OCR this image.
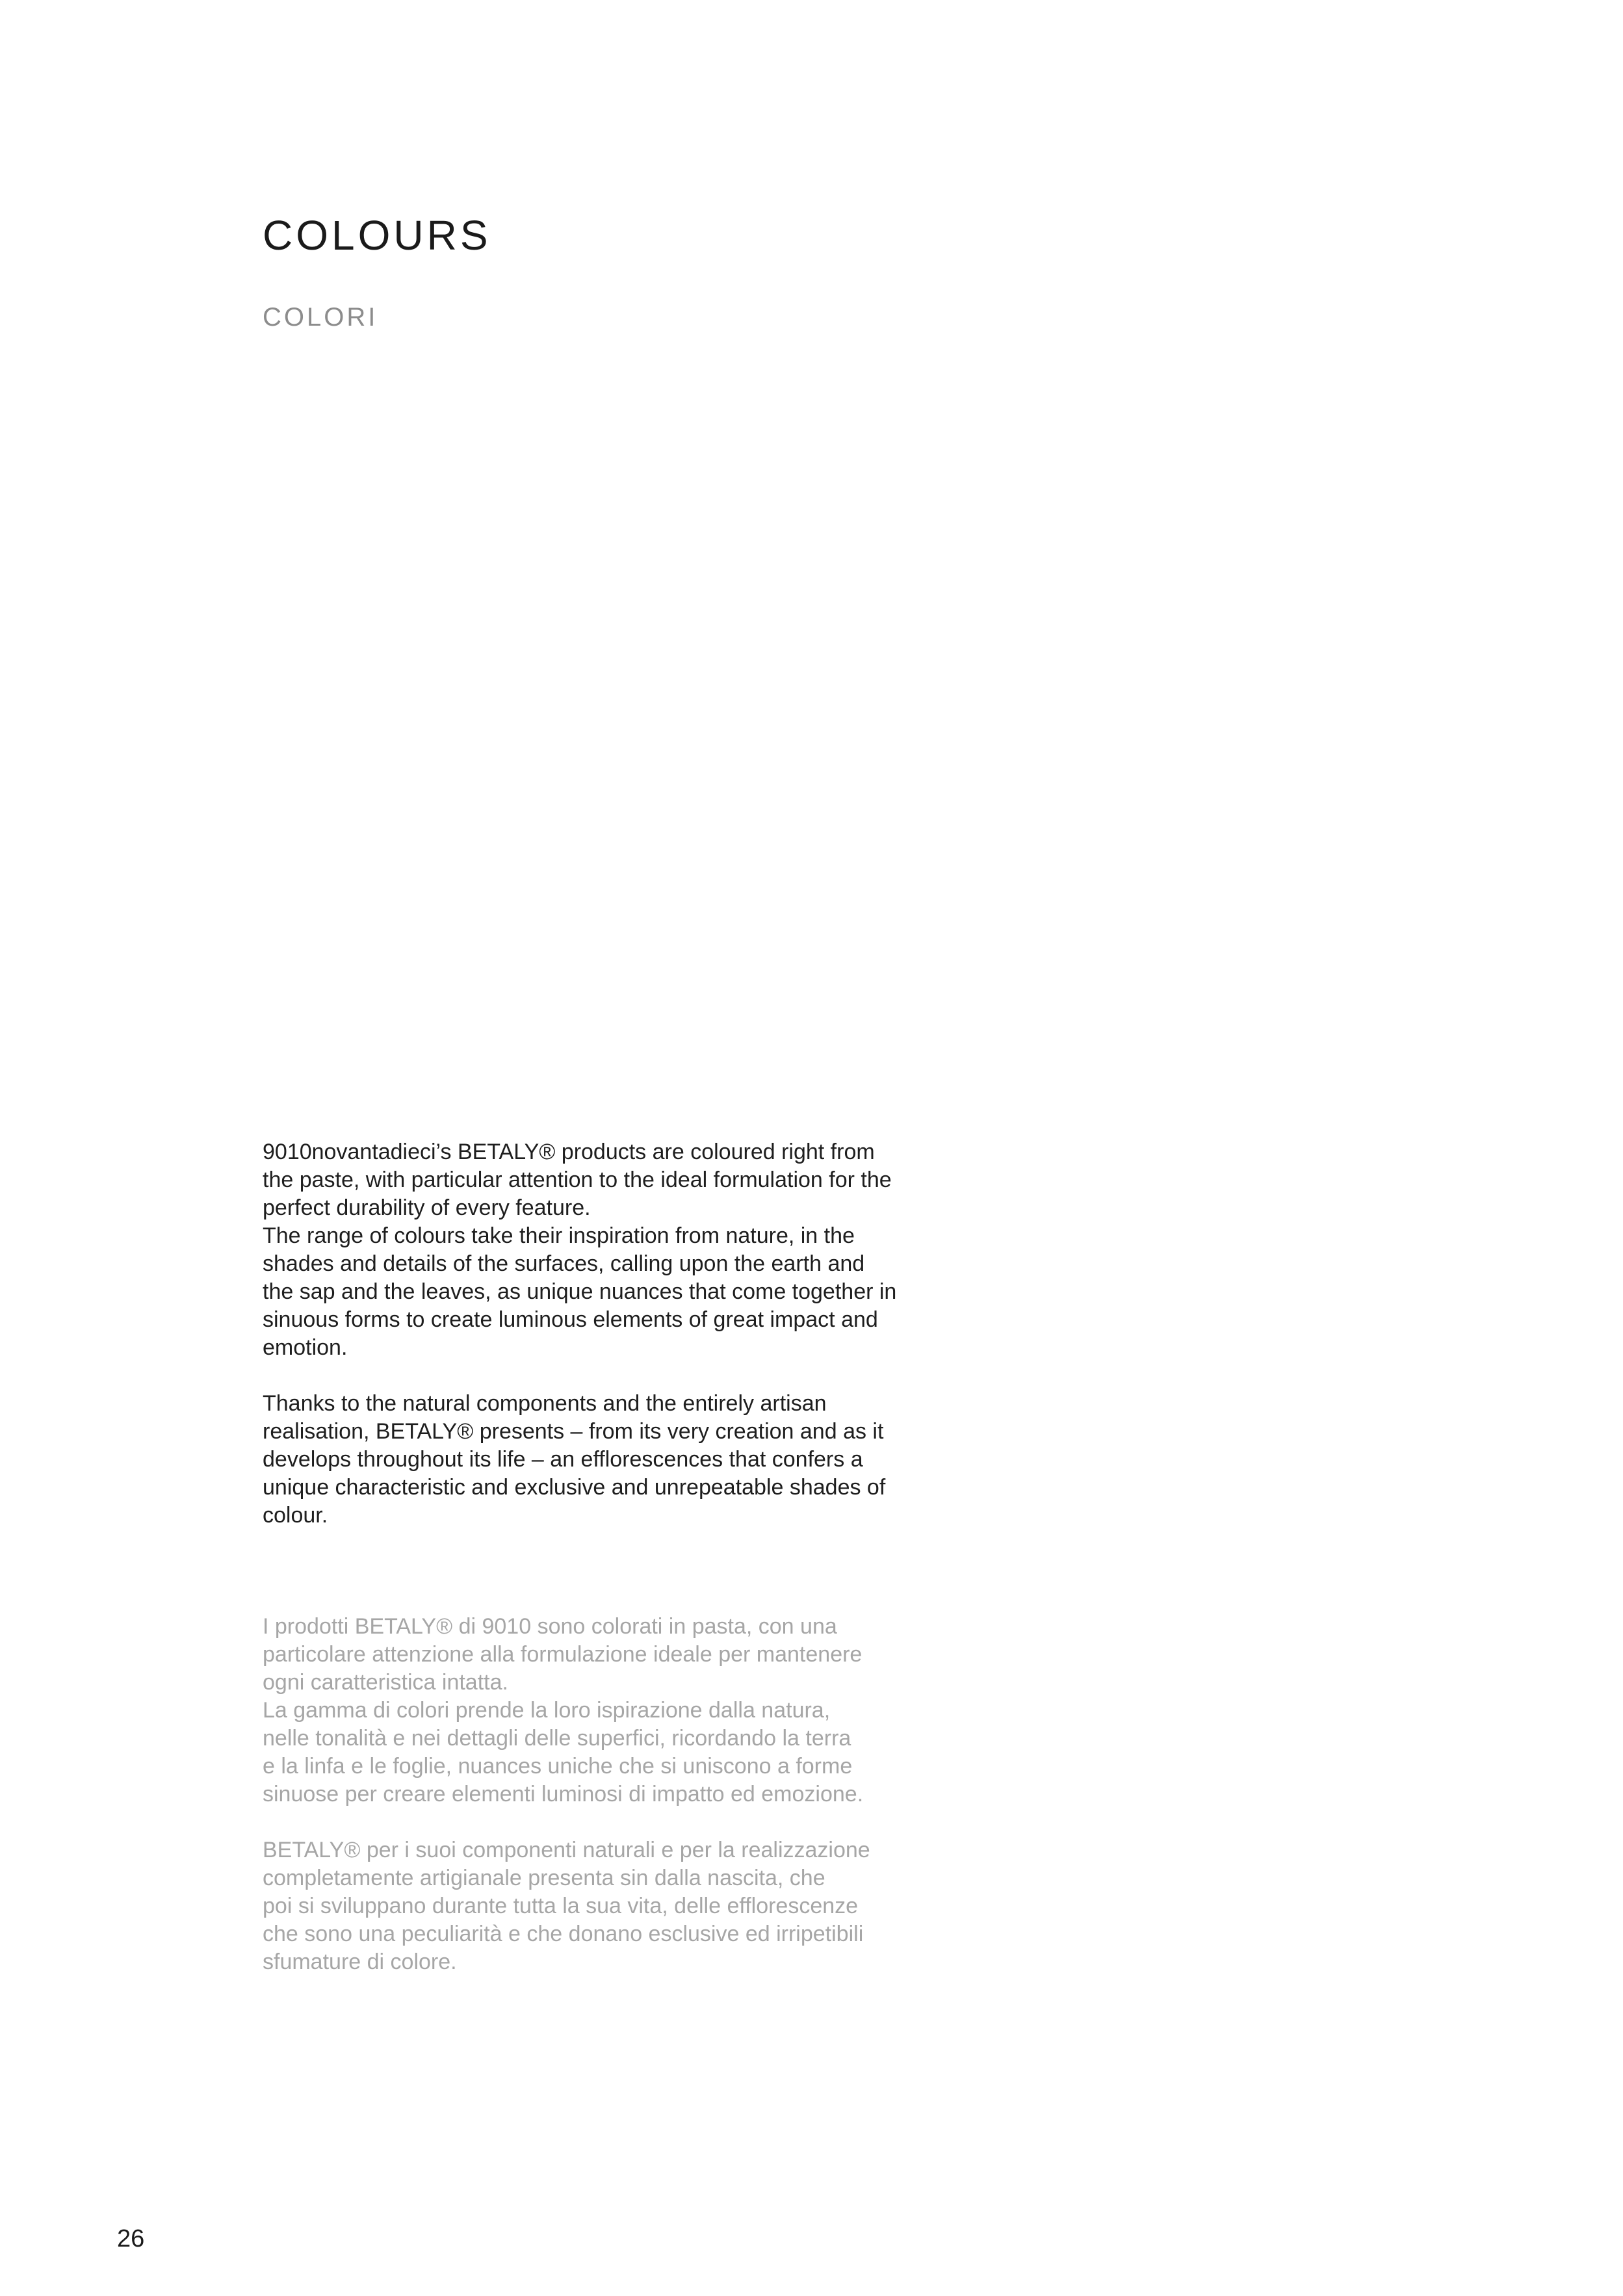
COLOURS
COLORI

9010novantadieci’s BETALY® products are coloured right from
the paste, with particular attention to the ideal formulation for the
perfect durability of every feature.
The range of colours take their inspiration from nature, in the
shades and details of the surfaces, calling upon the earth and
the sap and the leaves, as unique nuances that come together in
sinuous forms to create luminous elements of great impact and
emotion.

Thanks to the natural components and the entirely artisan
realisation, BETALY® presents – from its very creation and as it
develops throughout its life – an efflorescences that confers a
unique characteristic and exclusive and unrepeatable shades of
colour.

I prodotti BETALY® di 9010 sono colorati in pasta, con una
particolare attenzione alla formulazione ideale per mantenere
ogni caratteristica intatta.
La gamma di colori prende la loro ispirazione dalla natura,
nelle tonalità e nei dettagli delle superfici, ricordando la terra
e la linfa e le foglie, nuances uniche che si uniscono a forme
sinuose per creare elementi luminosi di impatto ed emozione.

BETALY® per i suoi componenti naturali e per la realizzazione
completamente artigianale presenta sin dalla nascita, che
poi si sviluppano durante tutta la sua vita, delle efflorescenze
che sono una peculiarità e che donano esclusive ed irripetibili
sfumature di colore.

26
